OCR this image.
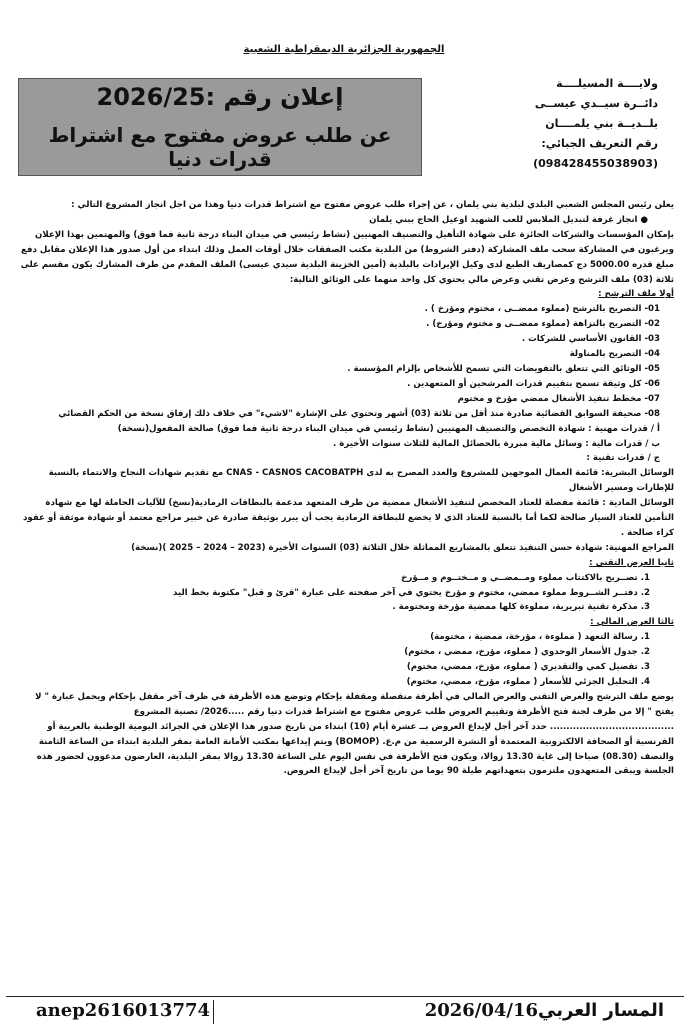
الجمهورية الجزائرية الديمقراطية الشعبية
ولايــــة المسيلــــة
دائــرة سيــدي عيســى
بلــديــة بني يلمــــان
رقم التعريف الجبائي: (098428455038903)
إعلان رقم :2026/25
عن طلب عروض مفتوح مع اشتراط قدرات دنيا

يعلن رئيس المجلس الشعبي البلدي لبلدية بني يلمان ، عن إجراء طلب عروض مفتوح مع اشتراط قدرات دنيا وهذا من اجل انجاز المشروع التالي :

● انجاز غرفة لتبديل الملابس للعب الشهيد اوعيل الحاج ببني يلمان

بإمكان المؤسسات والشركات الحائزة على شهادة التأهيل والتصنيف المهنيين (نشاط رئيسي في ميدان البناء درجة ثانية فما فوق) والمهتمين بهذا الإعلان ويرغبون في المشاركة سحب ملف المشاركة (دفتر الشروط) من البلدية مكتب الصفقات خلال أوقات العمل وذلك ابتداء من أول صدور هذا الإعلان مقابل دفع مبلغ قدره 5000.00 دج كمصاريف الطبع لدى وكيل الإيرادات بالبلدية (أمين الخزينة البلدية سيدي عيسى) الملف المقدم من طرف المشارك يكون مقسم على ثلاثة (03) ملف الترشح وعرض تقني وعرض مالي يحتوي كل واحد منهما على الوثائق التالية:

أولا ملف الترشح :

01- التصريح بالترشح (مملوء ممضــى ، مختوم ومؤرخ ) .

02- التصريح بالنزاهة (مملوء ممضــى و مختوم ومؤرخ) .

03- القانون الأساسي للشركات .

04- التصريح بالمناولة

05- الوثائق التي تتعلق بالتفويضات التي تسمح للأشخاص بإلزام المؤسسة .

06- كل وثيقة تسمح بتقييم قدرات المرشحين أو المتعهدين .

07- مخطط تنفيذ الأشغال ممضي مؤرخ و مختوم

08- صحيفة السوابق القضائية صادرة منذ أقل من ثلاثة (03) أشهر وتحتوي على الإشارة "لاشيء" في خلاف ذلك إرفاق نسخة من الحكم القضائي

أ / قدرات مهنية : شهادة التخصص والتصنيف المهنيين (نشاط رئيسي في ميدان البناء درجة ثانية فما فوق) صالحة المفعول(نسخة)

ب / قدرات مالية : وسائل مالية مبررة بالحصائل المالية للثلاث سنوات الأخيرة .

ج / قدرات تقنية :

الوسائل البشرية: قائمة العمال الموجهين للمشروع والعدد المصرح به لدى CNAS - CASNOS CACOBATPH مع تقديم شهادات النجاح والانتماء بالنسبة للإطارات ومسير الأشغال

الوسائل المادية : قائمة مفصلة للعتاد المخصص لتنفيذ الأشغال ممضية من طرف المتعهد مدعمة بالبطاقات الرمادية(نسخ) للآليات الحاملة لها مع شهادة التأمين للعتاد السيار صالحة لكما أما بالنسبة للعتاد الذي لا يخضع للبطاقة الرمادية يجب أن يبرر بوثيقة صادرة عن خبير مراجع معتمد أو شهادة موثقة أو عقود كراء صالحة .

المراجع المهنية: شهادة حسن التنفيذ تتعلق بالمشاريع المماثلة خلال الثلاثة (03) السنوات الأخيرة (2023 – 2024 – 2025 )(نسخة)

ثانيا العرض التقني :

1. تصــريح بالاكتتاب مملوء ومــمضــي و مــختــوم و مــؤرخ

2. دفتــر الشــروط مملوء ممضي، مختوم و مؤرخ يحتوي في آخر صفحته على عبارة "قرئ و قبل" مكتوبة بخط اليد

3. مذكرة تقنية تبريرية، مملوءة كلها ممضية مؤرخة ومختومة .

ثالثا العرض المالي :

1. رسالة التعهد ( مملوءة ، مؤرخة، ممضية ، مختومة)

2. جدول الأسعار الوحدوي ( مملوء، مؤرخ، ممضي ، مختوم)

3. تفصيل كمي والتقديري ( مملوء، مؤرخ، ممضي، مختوم)

4. التحليل الجزئي للأسعار ( مملوء، مؤرخ، ممضي، مختوم)

يوضع ملف الترشح والعرض التقني والعرض المالي في أظرفة منفصلة ومقفلة بإحكام وتوضع هذه الأظرفة في ظرف آخر مقفل بإحكام ويحمل عبارة " لا يفتح " إلا من طرف لجنة فتح الأظرفة وتقييم العروض طلب عروض مفتوح مع اشتراط قدرات دنيا رقم .....2026/ تصنية المشروع ...................................... حدد آخر أجل لإيداع العروض بــ عشرة أيام (10) ابتداء من تاريخ صدور هذا الإعلان في الجرائد اليومية الوطنية بالعربية أو الفرنسية أو الصحافة الالكترونية المعتمدة أو النشرة الرسمية من م.ع. (BOMOP) ويتم إيداعها بمكتب الأمانة العامة بمقر البلدية ابتداء من الساعة الثامنة والنصف (08.30) صباحا إلى غاية 13.30 زوالا، ويكون فتح الأظرفة في نفس اليوم على الساعة 13.30 زوالا بمقر البلدية، العارضون مدعوون لحضور هذه الجلسة ويبقى المتعهدون ملتزمون بتعهداتهم طيلة 90 يوما من تاريخ آخر أجل لإيداع العروض.

anep2616013774	2026/04/16المسار العربي
